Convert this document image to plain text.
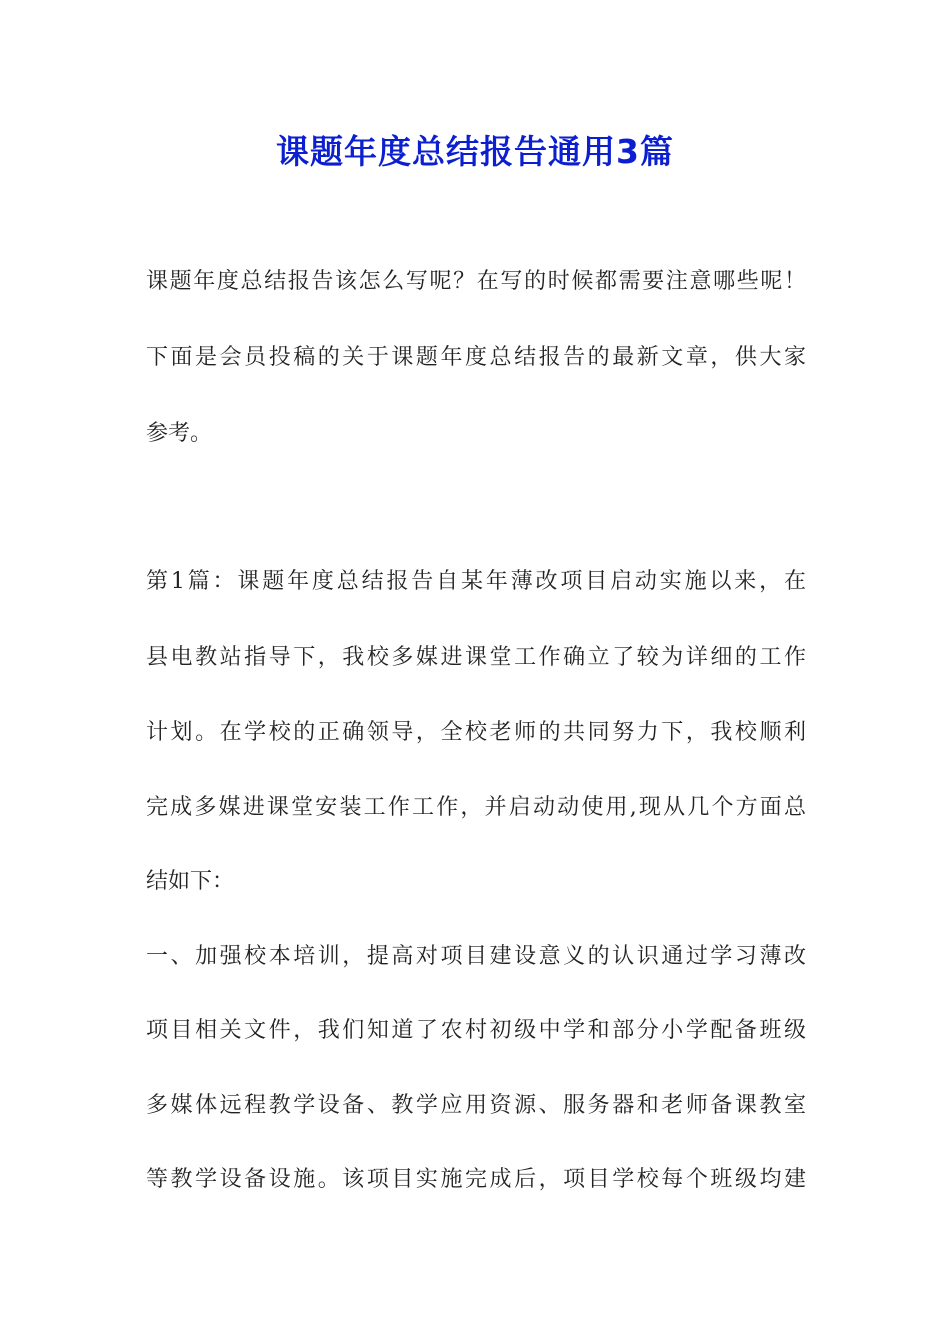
课题年度总结报告通用3篇

课题年度总结报告该怎么写呢？在写的时候都需要注意哪些呢！

下面是会员投稿的关于课题年度总结报告的最新文章，供大家

参考。

第1篇：课题年度总结报告自某年薄改项目启动实施以来，在

县电教站指导下，我校多媒进课堂工作确立了较为详细的工作

计划。在学校的正确领导，全校老师的共同努力下，我校顺利

完成多媒进课堂安装工作工作，并启动动使用,现从几个方面总

结如下：

一、加强校本培训，提高对项目建设意义的认识通过学习薄改

项目相关文件，我们知道了农村初级中学和部分小学配备班级

多媒体远程教学设备、教学应用资源、服务器和老师备课教室

等教学设备设施。该项目实施完成后，项目学校每个班级均建
